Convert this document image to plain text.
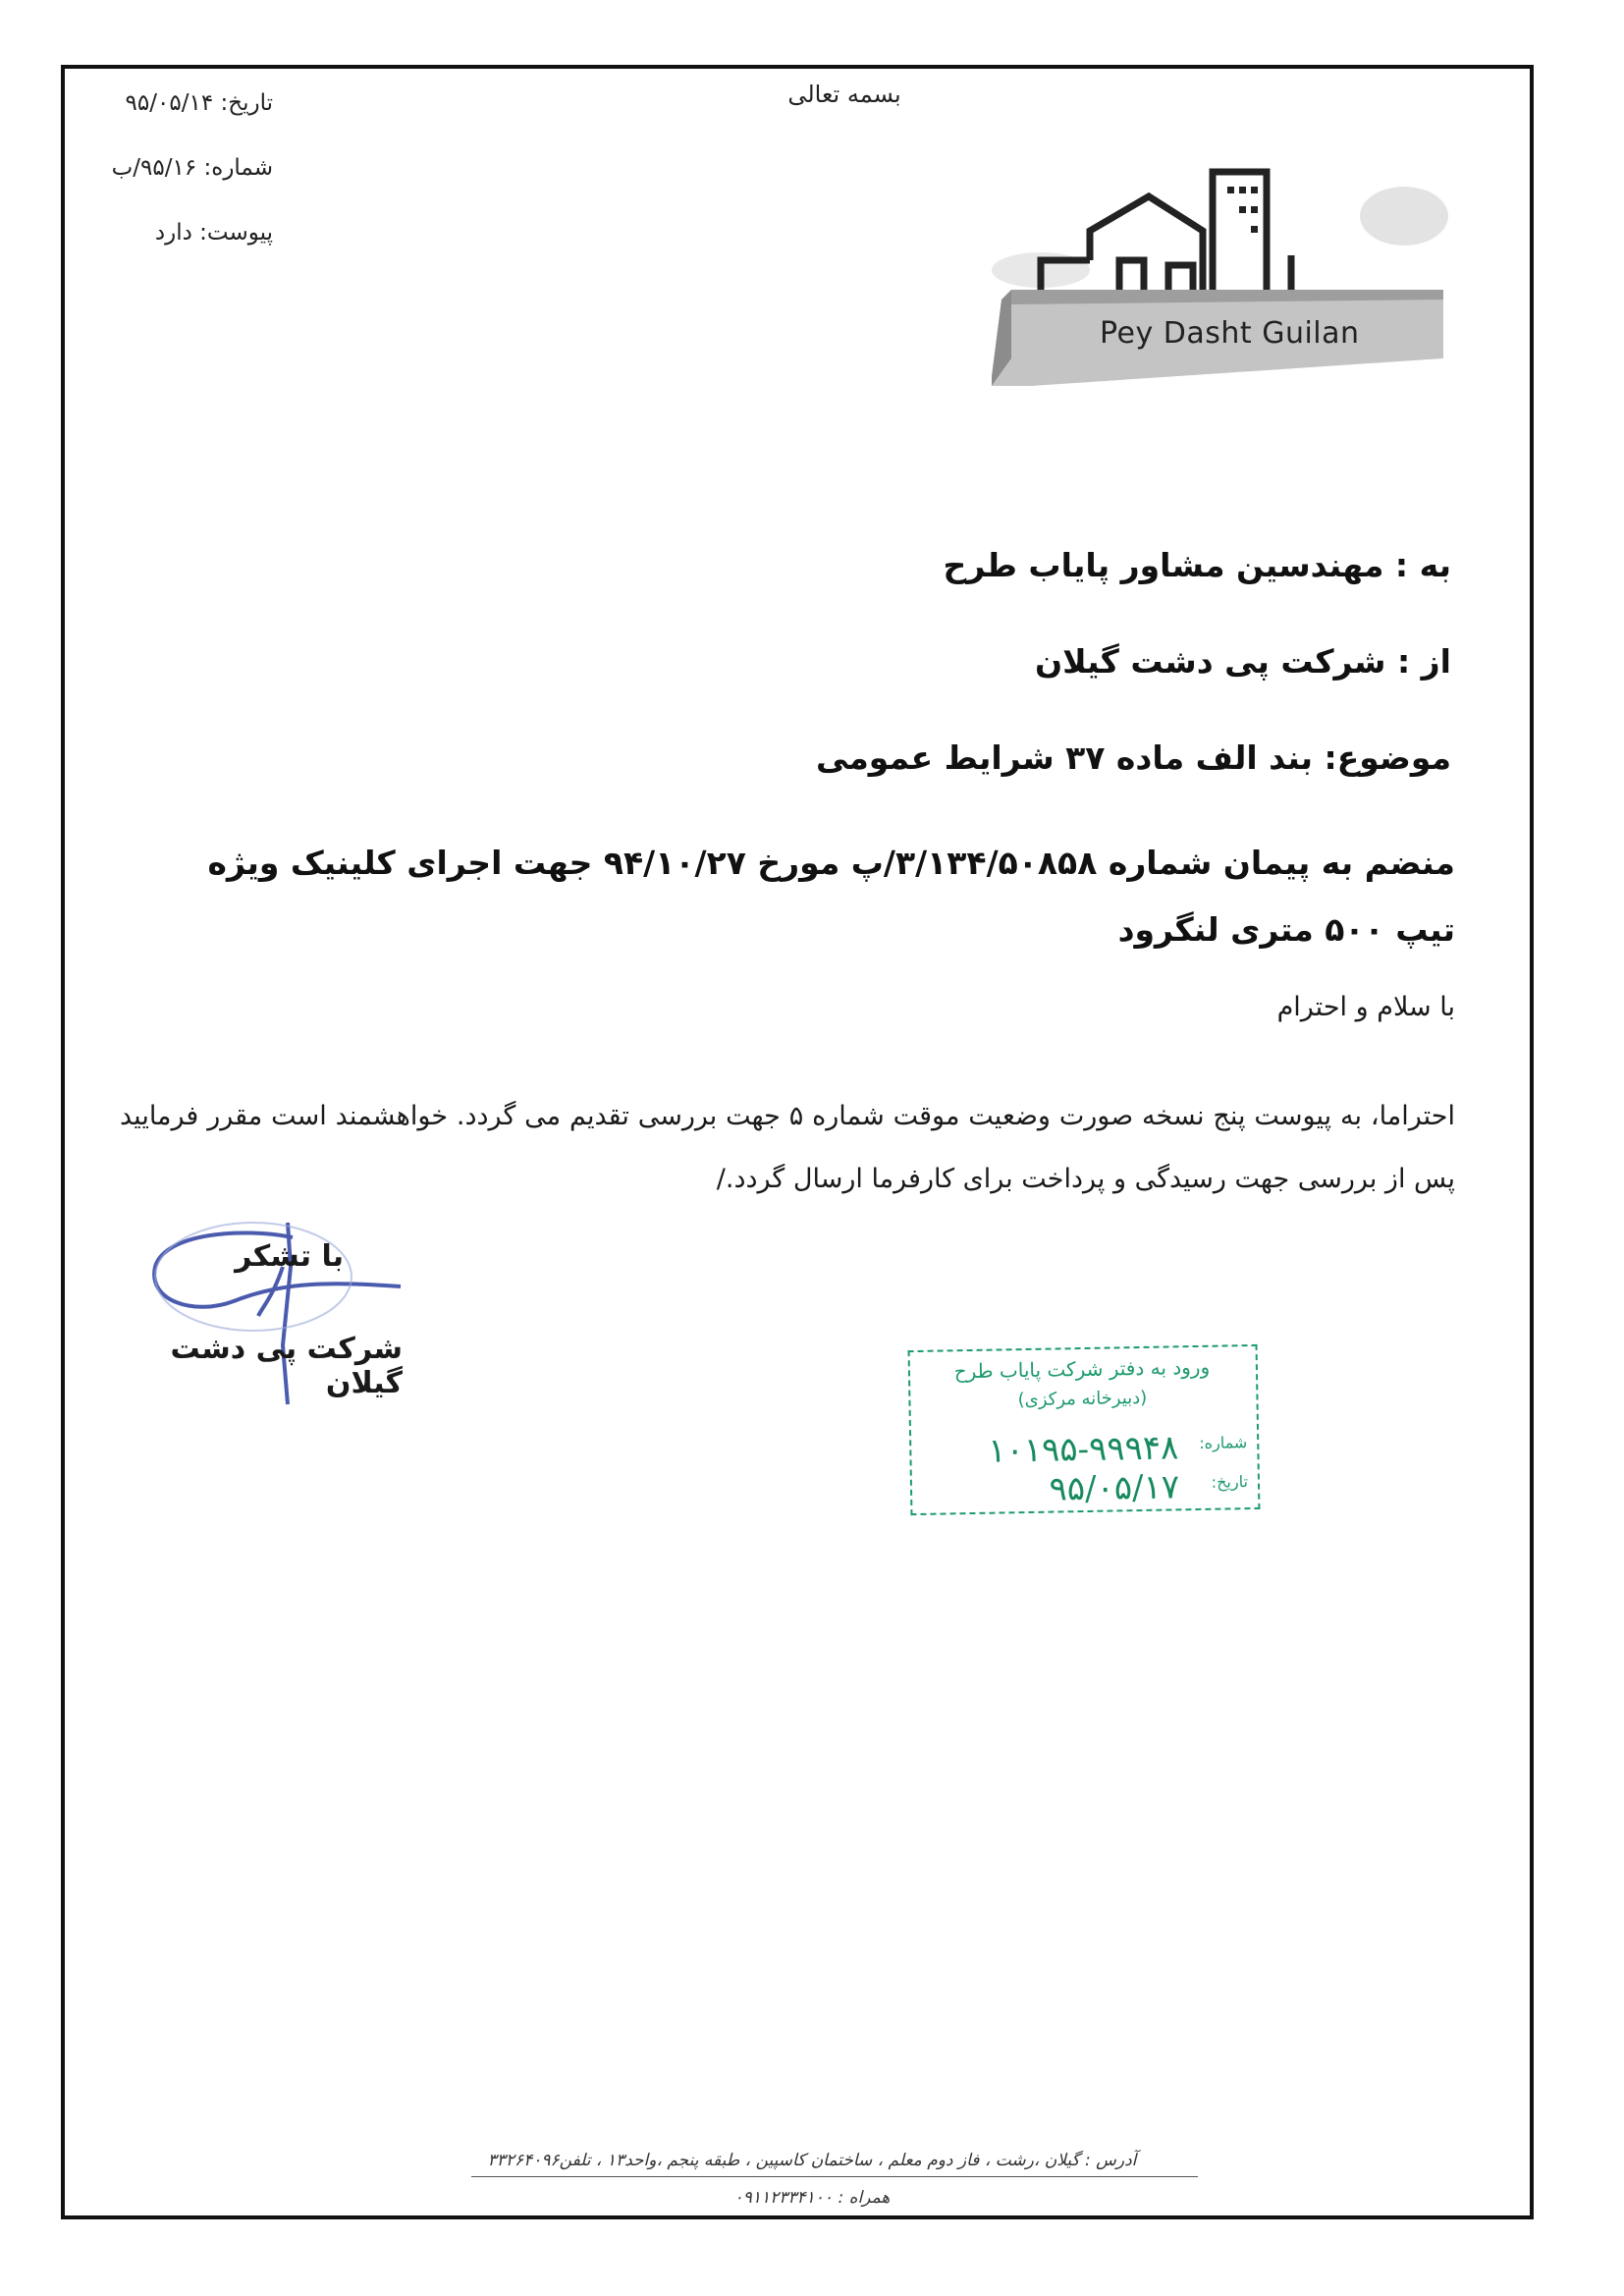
بسمه تعالی
تاریخ: ۹۵/۰۵/۱۴
شماره: ۹۵/۱۶/ب
پیوست: دارد
Pey Dasht Guilan
به : مهندسین مشاور پایاب طرح
از : شرکت پی دشت گیلان
موضوع: بند الف ماده ۳۷ شرایط عمومی
منضم به پیمان شماره ۳/۱۳۴/۵۰۸۵۸/پ مورخ ۹۴/۱۰/۲۷ جهت اجرای کلینیک ویژه تیپ ۵۰۰ متری لنگرود
با سلام و احترام
احتراما، به پیوست پنج نسخه صورت وضعیت موقت شماره ۵ جهت بررسی تقدیم می گردد. خواهشمند است مقرر فرمایید پس از بررسی جهت رسیدگی و پرداخت برای کارفرما ارسال گردد./
با تشکر
شرکت پی دشت گیلان	ورود به دفتر شرکت پایاب طرح
(دبیرخانه مرکزی)
شماره:
۱۰۱۹۵-۹۹۹۴۸
تاریخ:
۹۵/۰۵/۱۷
آدرس : گیلان ،رشت ، فاز دوم معلم ، ساختمان کاسپین ، طبقه پنجم ،واحد۱۳ ، تلفن۳۳۲۶۴۰۹۶
همراه : ۰۹۱۱۲۳۳۴۱۰۰
